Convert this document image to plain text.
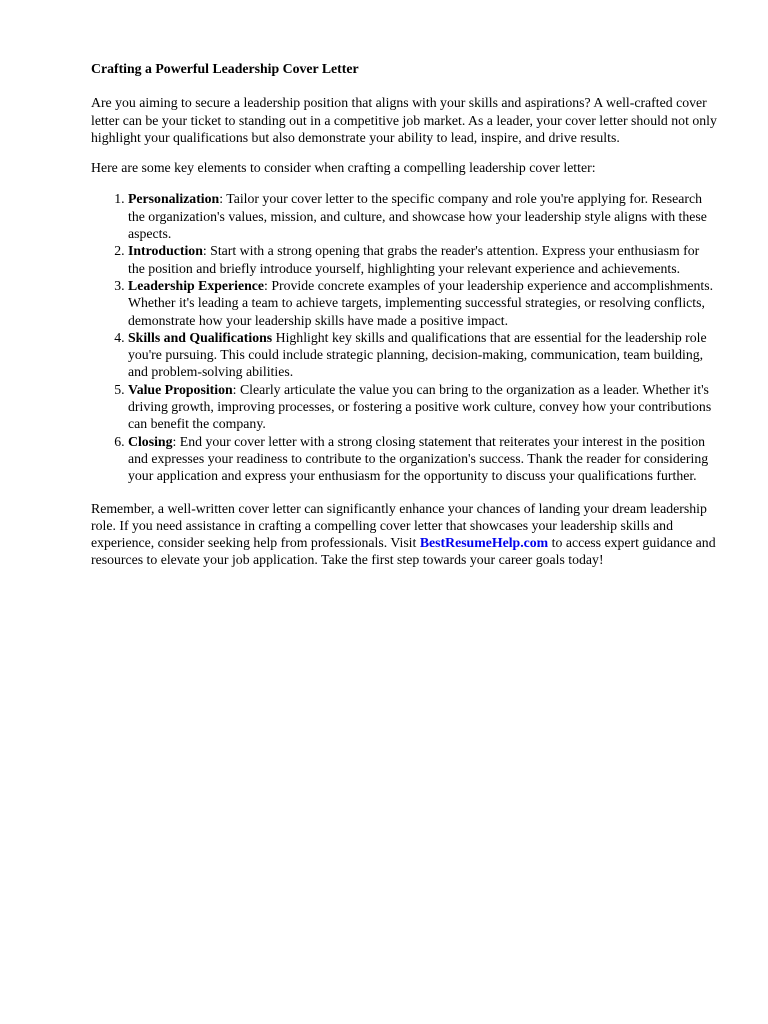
Crafting a Powerful Leadership Cover Letter

Are you aiming to secure a leadership position that aligns with your skills and aspirations? A well-crafted cover letter can be your ticket to standing out in a competitive job market. As a leader, your cover letter should not only highlight your qualifications but also demonstrate your ability to lead, inspire, and drive results.

Here are some key elements to consider when crafting a compelling leadership cover letter:

1. Personalization: Tailor your cover letter to the specific company and role you're applying for. Research the organization's values, mission, and culture, and showcase how your leadership style aligns with these aspects.
2. Introduction: Start with a strong opening that grabs the reader's attention. Express your enthusiasm for the position and briefly introduce yourself, highlighting your relevant experience and achievements.
3. Leadership Experience: Provide concrete examples of your leadership experience and accomplishments. Whether it's leading a team to achieve targets, implementing successful strategies, or resolving conflicts, demonstrate how your leadership skills have made a positive impact.
4. Skills and Qualifications Highlight key skills and qualifications that are essential for the leadership role you're pursuing. This could include strategic planning, decision-making, communication, team building, and problem-solving abilities.
5. Value Proposition: Clearly articulate the value you can bring to the organization as a leader. Whether it's driving growth, improving processes, or fostering a positive work culture, convey how your contributions can benefit the company.
6. Closing: End your cover letter with a strong closing statement that reiterates your interest in the position and expresses your readiness to contribute to the organization's success. Thank the reader for considering your application and express your enthusiasm for the opportunity to discuss your qualifications further.

Remember, a well-written cover letter can significantly enhance your chances of landing your dream leadership role. If you need assistance in crafting a compelling cover letter that showcases your leadership skills and experience, consider seeking help from professionals. Visit BestResumeHelp.com to access expert guidance and resources to elevate your job application. Take the first step towards your career goals today!
